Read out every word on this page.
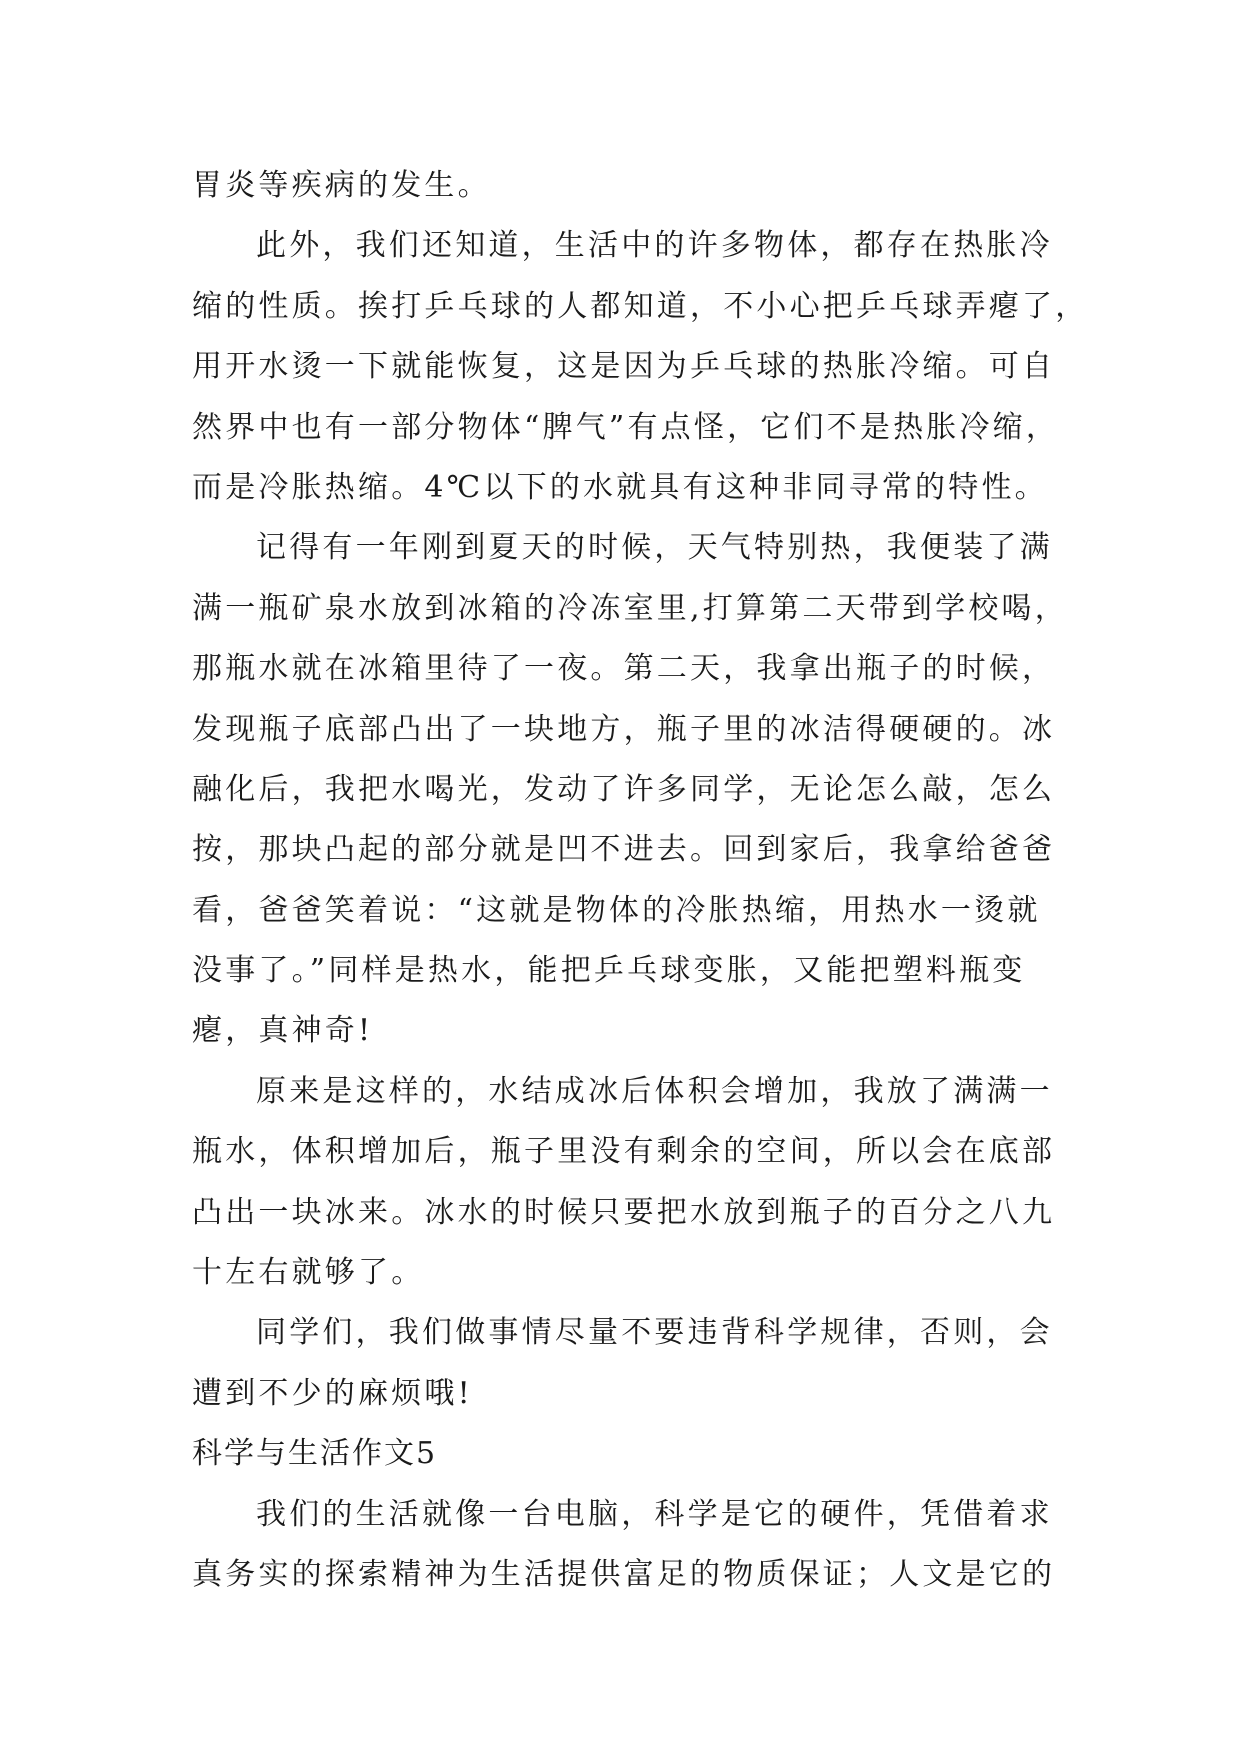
胃炎等疾病的发生。
此外，我们还知道，生活中的许多物体，都存在热胀冷
缩的性质。挨打乒乓球的人都知道，不小心把乒乓球弄瘪了，
用开水烫一下就能恢复，这是因为乒乓球的热胀冷缩。可自
然界中也有一部分物体“脾气”有点怪，它们不是热胀冷缩，
而是冷胀热缩。4℃以下的水就具有这种非同寻常的特性。
记得有一年刚到夏天的时候，天气特别热，我便装了满
满一瓶矿泉水放到冰箱的冷冻室里,打算第二天带到学校喝，
那瓶水就在冰箱里待了一夜。第二天，我拿出瓶子的时候，
发现瓶子底部凸出了一块地方，瓶子里的冰洁得硬硬的。冰
融化后，我把水喝光，发动了许多同学，无论怎么敲，怎么
按，那块凸起的部分就是凹不进去。回到家后，我拿给爸爸
看，爸爸笑着说：“这就是物体的冷胀热缩，用热水一烫就
没事了。”同样是热水，能把乒乓球变胀，又能把塑料瓶变
瘪，真神奇!
原来是这样的，水结成冰后体积会增加，我放了满满一
瓶水，体积增加后，瓶子里没有剩余的空间，所以会在底部
凸出一块冰来。冰水的时候只要把水放到瓶子的百分之八九
十左右就够了。
同学们，我们做事情尽量不要违背科学规律，否则，会
遭到不少的麻烦哦!
科学与生活作文5
我们的生活就像一台电脑，科学是它的硬件，凭借着求
真务实的探索精神为生活提供富足的物质保证；人文是它的
